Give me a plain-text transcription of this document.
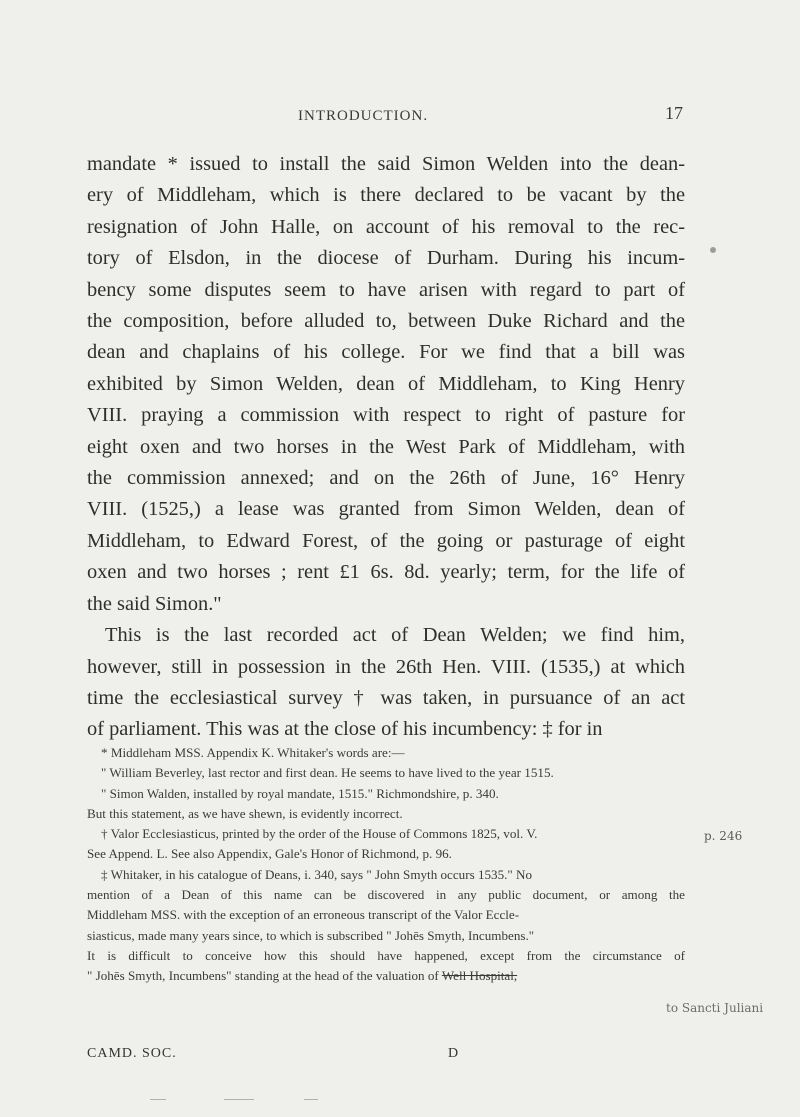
INTRODUCTION.	17
mandate * issued to install the said Simon Welden into the dean-
ery of Middleham, which is there declared to be vacant by the
resignation of John Halle, on account of his removal to the rec-
tory of Elsdon, in the diocese of Durham. During his incum-
bency some disputes seem to have arisen with regard to part of
the composition, before alluded to, between Duke Richard and the
dean and chaplains of his college. For we find that a bill was
exhibited by Simon Welden, dean of Middleham, to King Henry
VIII. praying a commission with respect to right of pasture for
eight oxen and two horses in the West Park of Middleham, with
the commission annexed; and on the 26th of June, 16° Henry
VIII. (1525,) a lease was granted from Simon Welden, dean of
Middleham, to Edward Forest, of the going or pasturage of eight
oxen and two horses ; rent £1 6s. 8d. yearly; term, for the life of
the said Simon."
This is the last recorded act of Dean Welden; we find him,
however, still in possession in the 26th Hen. VIII. (1535,) at which
time the ecclesiastical survey † was taken, in pursuance of an act
of parliament. This was at the close of his incumbency: ‡ for in
* Middleham MSS. Appendix K. Whitaker's words are:—
" William Beverley, last rector and first dean. He seems to have lived to the year 1515.
" Simon Walden, installed by royal mandate, 1515." Richmondshire, p. 340.
But this statement, as we have shewn, is evidently incorrect.
† Valor Ecclesiasticus, printed by the order of the House of Commons 1825, vol. V.
See Append. L. See also Appendix, Gale's Honor of Richmond, p. 96.
‡ Whitaker, in his catalogue of Deans, i. 340, says " John Smyth occurs 1535." No
mention of a Dean of this name can be discovered in any public document, or among the
Middleham MSS. with the exception of an erroneous transcript of the Valor Eccle-
siasticus, made many years since, to which is subscribed " Johēs Smyth, Incumbens."
It is difficult to conceive how this should have happened, except from the circumstance of
" Johēs Smyth, Incumbens" standing at the head of the valuation of Well Hospital,
p. 246
to Sancti Juliani
CAMD. SOC.	D
